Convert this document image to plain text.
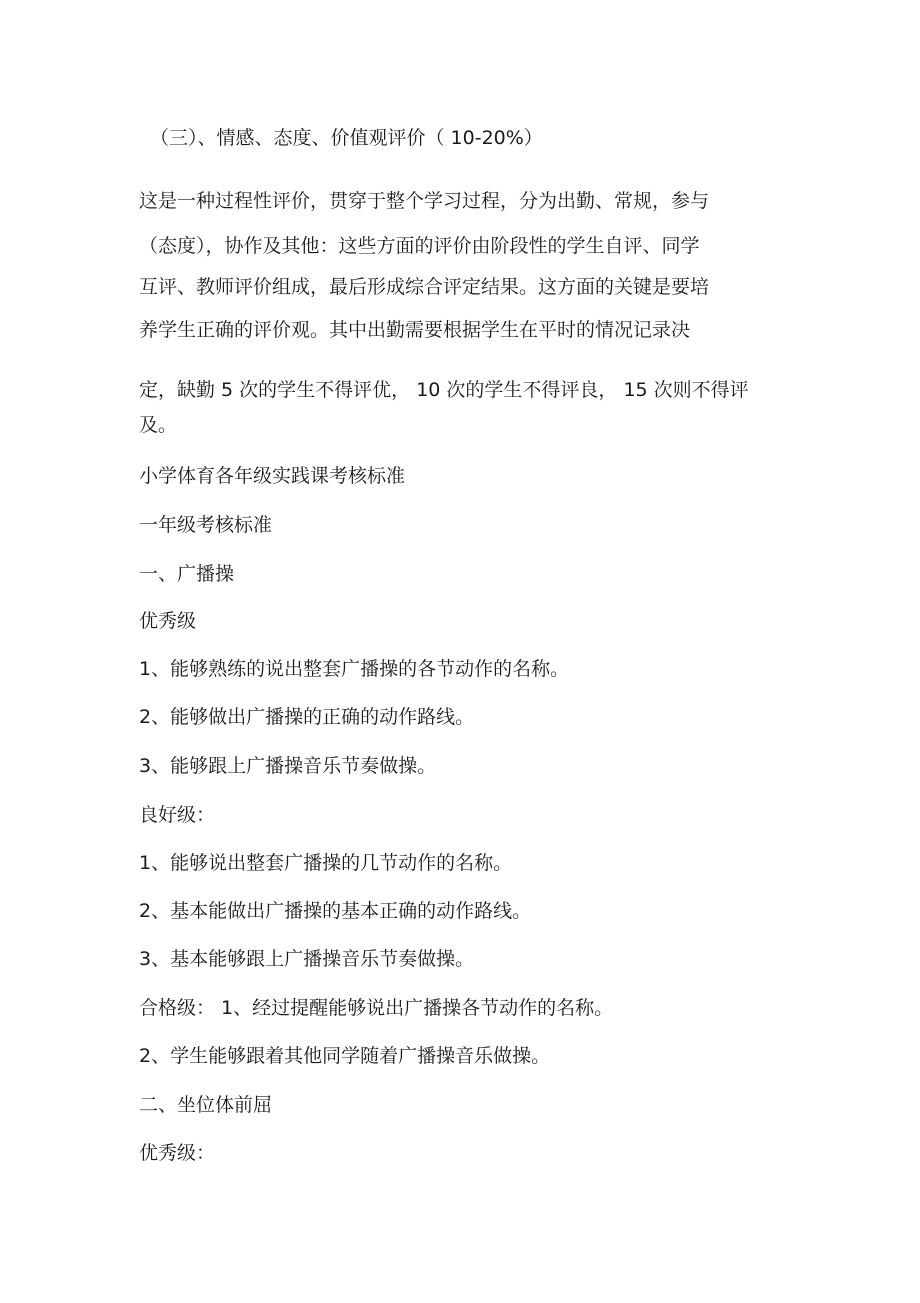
（三）、情感、态度、价值观评价（ 10-20%）
这是一种过程性评价，贯穿于整个学习过程，分为出勤、常规，参与
（态度），协作及其他：这些方面的评价由阶段性的学生自评、同学
互评、教师评价组成，最后形成综合评定结果。这方面的关键是要培
养学生正确的评价观。其中出勤需要根据学生在平时的情况记录决
定，缺勤 5 次的学生不得评优， 10 次的学生不得评良， 15 次则不得评
及。
小学体育各年级实践课考核标准
一年级考核标准
一、广播操
优秀级
1、能够熟练的说出整套广播操的各节动作的名称。
2、能够做出广播操的正确的动作路线。
3、能够跟上广播操音乐节奏做操。
良好级：
1、能够说出整套广播操的几节动作的名称。
2、基本能做出广播操的基本正确的动作路线。
3、基本能够跟上广播操音乐节奏做操。
合格级： 1、经过提醒能够说出广播操各节动作的名称。
2、学生能够跟着其他同学随着广播操音乐做操。
二、坐位体前屈
优秀级：
